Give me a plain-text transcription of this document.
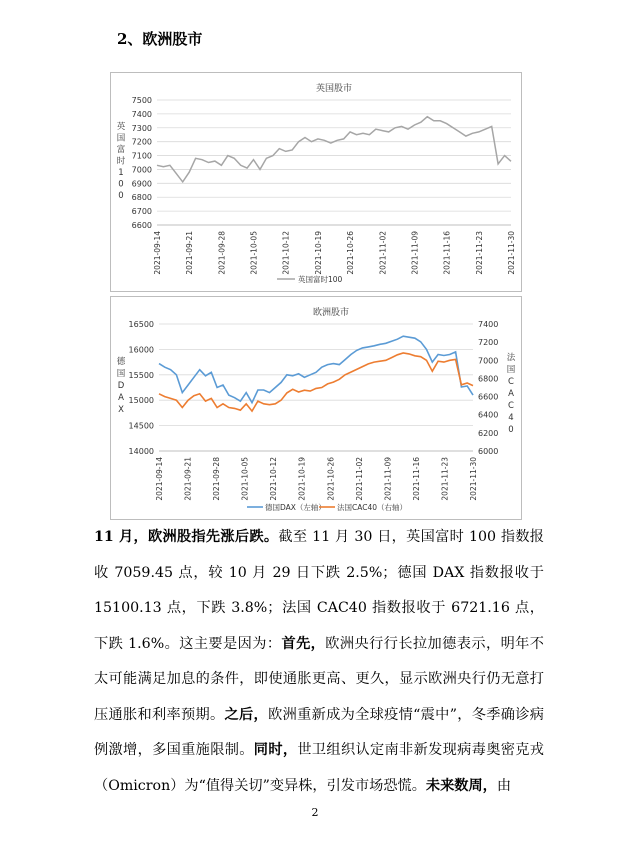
2、欧洲股市
英国股市
6600
6700
6800
6900
7000
7100
7200
7300
7400
7500
英国富时 1 0 0
2021-09-14	2021-09-21	2021-09-28	2021-10-05	2021-10-12	2021-10-19	2021-10-26	2021-11-02	2021-11-09	2021-11-16	2021-11-23	2021-11-30
英国富时100
欧洲股市
14000
14500
15000
15500
16000
16500
6000
6200
6400
6600
6800
7000
7200
7400
德国 D A X
法国 C A C 4 0
2021-09-14	2021-09-21	2021-09-28	2021-10-05	2021-10-12	2021-10-19	2021-10-26	2021-11-02	2021-11-09	2021-11-16	2021-11-23	2021-11-30
德国DAX（左轴） 法国CAC40（右轴）
11 月，欧洲股指先涨后跌。截至 11 月 30 日，英国富时 100 指数报收 7059.45 点，较 10 月 29 日下跌 2.5%；德国 DAX 指数报收于 15100.13 点，下跌 3.8%；法国 CAC40 指数报收于 6721.16 点，下跌 1.6%。这主要是因为：首先，欧洲央行行长拉加德表示，明年不太可能满足加息的条件，即使通胀更高、更久，显示欧洲央行仍无意打压通胀和利率预期。之后，欧洲重新成为全球疫情“震中”，冬季确诊病例激增，多国重施限制。同时，世卫组织认定南非新发现病毒奥密克戎（Omicron）为“值得关切”变异株，引发市场恐慌。未来数周，由
2
